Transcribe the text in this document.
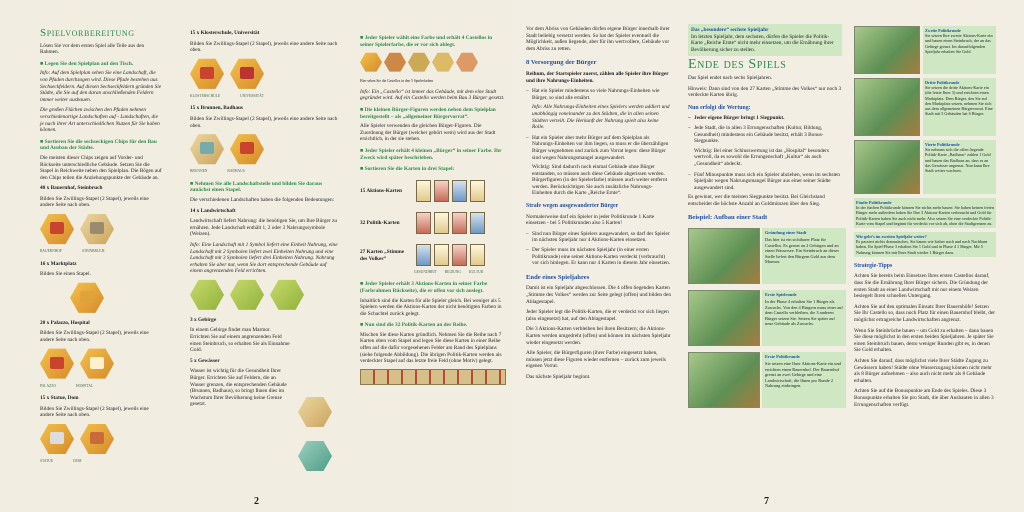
Spielvorbereitung

Lösen Sie vor dem ersten Spiel alle Teile aus den Rahmen.

■ Legen Sie den Spielplan auf den Tisch.

Info: Auf dem Spielplan sehen Sie eine Landschaft, die von Pfaden durchzogen wird. Diese Pfade bestehen aus Sechseckfeldern. Auf diesen Sechseckfeldern gründen Sie Städte, die Sie auf den daran anschließenden Feldern immer weiter ausbauen.

Die großen Flächen zwischen den Pfaden nehmen verschiedenartige Landschaften auf - Landschaften, die je nach ihrer Art unterschiedlichen Nutzen für Sie haben können.

■ Sortieren Sie die sechseckigen Chips für den Bau und Ausbau der Städte.

Die meisten dieser Chips zeigen auf Vorder- und Rückseite unterschiedliche Gebäude. Setzen Sie die Stapel in Reichweite neben den Spielplan. Die Bögen auf den Chips teilen die Anziehungspunkte der Gebäude an.

40 x Bauernhof, Steinbruch

Bilden Sie Zwillings-Stapel (2 Stapel), jeweils eine andere Seite nach oben.

BAUERNHOF	STEINBRUCH

16 x Marktplatz

Bilden Sie einen Stapel.

20 x Palazzo, Hospital

Bilden Sie Zwillings-Stapel (2 Stapel), jeweils eine andere Seite nach oben.

PALAZZO	HOSPITAL

15 x Statue, Dom

Bilden Sie Zwillings-Stapel (2 Stapel), jeweils eine andere Seite nach oben.

STATUE	DOM

15 x Klosterschule, Universität

Bilden Sie Zwillings-Stapel (2 Stapel), jeweils eine andere Seite nach oben.

KLOSTERSCHULE	UNIVERSITÄT

15 x Brunnen, Badhaus

Bilden Sie Zwillings-Stapel (2 Stapel), jeweils eine andere Seite nach oben.

BRUNNEN	BADHAUS
■ Nehmen Sie alle Landschaftsteile und bilden Sie daraus zunächst einen Stapel.

Die verschiedenen Landschaften haben die folgenden Bedeutungen:

14 x Landwirtschaft

Landwirtschaft liefert Nahrung: die benötigen Sie, um Ihre Bürger zu ernähren. Jede Landschaft enthält 1, 2 oder 3 Nahrungssymbole (Weizen).

Info: Eine Landschaft mit 1 Symbol liefert eine Einheit Nahrung, eine Landschaft mit 2 Symbolen liefert zwei Einheiten Nahrung und eine Landschaft mit 3 Symbolen liefert drei Einheiten Nahrung. Nahrung erhalten Sie aber nur, wenn Sie dort entsprechende Gebäude auf einem angrenzenden Feld errichten.

3 x Gebirge

In einem Gebirge findet man Marmor. Errichten Sie auf einem angrenzenden Feld einen Steinbruch, so erhalten Sie als Einnahme Gold.

5 x Gewässer

Wasser ist wichtig für die Gesundheit Ihrer Bürger. Errichten Sie auf Feldern, die an Wasser grenzen, die entsprechenden Gebäude (Brunnen, Badhaus), so bringt Ihnen dies im Wachstum Ihrer Bevölkerung keine Grenze gesetzt.

2
■ Jeder Spieler wählt eine Farbe und erhält 4 Castellos in seiner Spielerfarbe, die er vor sich ablegt.

Hier sehen Sie die Castellos in den 5 Spielerfarben

Info: Ein „Castello“ ist immer das Gebäude, mit dem eine Stadt gegründet wird. Auf ein Castello werden beim Bau 3 Bürger gesetzt.

■ Die kleinen Bürger-Figuren werden neben dem Spielplan bereitgestellt – als „allgemeiner Bürgervorrat“.

Alle Spieler verwenden die gleichen Bürger-Figuren. Die Zuordnung der Bürger (welcher gehört wem) wird aus der Stadt ersichtlich, in der sie stehen.

■ Jeder Spieler erhält 4 kleinen „Bürger“ in seiner Farbe. Ihr Zweck wird später beschrieben.
■ Sortieren Sie die Karten in drei Stapel:
15 Aktions-Karten
32 Politik-Karten
27 Karten „Stimme des Volkes“
GESUNDHEIT BILDUNG KULTUR
■ Jeder Spieler erhält 3 Aktions-Karten in seiner Farbe (Farbrahmen Rückseite), die er offen vor sich auslegt.

Inhaltlich sind die Karten für alle Spieler gleich. Bei weniger als 5 Spielern werden die Aktions-Karten der nicht benötigten Farben in die Schachtel zurück gelegt.

■ Nun sind die 32 Politik-Karten an der Reihe.

Mischen Sie diese Karten gründlich. Nehmen Sie die Reihe nach 7 Karten oben vom Stapel und legen Sie diese Karten in einer Reihe offen auf die dafür vorgesehenen Felder am Rand des Spielplans (siehe folgende Abbildung). Die übrigen Politik-Karten werden als verdeckter Stapel auf das letzte freie Feld (ohne Motiv) gelegt.

Vor dem Abriss von Gebäuden dürfen eigene Bürger innerhalb ihrer Stadt beliebig versetzt werden. So hat der Spieler eventuell die Möglichkeit, außen liegende, aber für ihn wertvollere, Gebäude vor dem Abriss zu retten.

8 Versorgung der Bürger

Reihum, der Startspieler zuerst, zählen alle Spieler ihre Bürger und ihre Nahrungs-Einheiten.

– Hat ein Spieler mindestens so viele Nahrungs-Einheiten wie Bürger, so sind alle ernährt.

Info: Alle Nahrungs-Einheiten eines Spielers werden addiert und unabhängig voneinander zu den Städten, die in allen seinen Städten verteilt. Die Herkunft der Nahrung spielt also keine Rolle.

– Hat ein Spieler aber mehr Bürger auf dem Spielplan als Nahrungs-Einheiten vor ihm liegen, so muss er die überzähligen Bürger wegnehmen und zurück zum Vorrat legen: diese Bürger sind wegen Nahrungsmangel ausgewandert.

Wichtig: Sind dadurch noch einmal Gebäude ohne Bürger entstanden, so müssen auch diese Gebäude abgerissen werden. Bürgerfiguren (in der Spielerfarbe) müssen auch weiter entfernt werden. Berücksichtigen Sie auch zusätzliche Nahrungs-Einheiten durch die Karte „Reiche Ernte“.

Strafe wegen ausgewanderter Bürger

Normalerweise darf ein Spieler in jeder Politikrunde 1 Karte einsetzen - bei 5 Politikrunden also 5 Karten!

– Sind nun Bürger eines Spielers ausgewandert, so darf der Spieler im nächsten Spieljahr nur 4 Aktions-Karten einsetzen.
– Der Spieler muss im nächsten Spieljahr (in einer ersten Politikrunde) eine seiner Aktions-Karten verdeckt (verbraucht) vor sich hinlegen. Er kann nur 4 Karten in diesem Jahr einsetzen.
Ende eines Spieljahres

Damit ist ein Spieljahr abgeschlossen. Die 4 offen liegenden Karten „Stimme des Volkes“ werden zur Seite gelegt (offen) und bilden den Ablagestapel.

Jeder Spieler legt die Politik-Karten, die er verdeckt vor sich liegen (also eingesetzt) hat, auf den Ablagestapel.

Die 3 Aktions-Karten verbleiben bei ihren Besitzern; die Aktions-Karten werden umgedreht (offen) und können im nächsten Spieljahr wieder eingesetzt werden.

Alle Spieler, die Bürgerfiguren (ihrer Farbe) eingesetzt haben, müssen jetzt diese Figuren wieder entfernen – zurück zum jeweils eigenen Vorrat.

Das nächste Spieljahr beginnt.

Das „besondere“ sechste Spieljahr
Im letzten Spieljahr, dem sechsten, dürfen die Spieler die Politik-Karte „Reiche Ernte“ nicht mehr einsetzen, um die Ernährung ihrer Bevölkerung sicher zu stellen.
Ende des Spiels

Das Spiel endet nach sechs Spieljahren.

Hinweis: Dann sind von den 27 Karten „Stimme des Volkes“ nur noch 3 verdeckte Karten übrig.

Nun erfolgt die Wertung:
– Jeder eigene Bürger bringt 1 Siegpunkt.
– Jede Stadt, die in allen 3 Errungenschaften (Kultur, Bildung, Gesundheit) mindestens ein Gebäude besitzt, erhält 3 Bonus-Siegpunkte.

Wichtig: Bei einer Schlusswertung ist das „Hospital“ besonders wertvoll, da es sowohl die Errungenschaft „Kultur“ als auch „Gesundheit“ abdeckt.

– Fünf Minuspunkte muss sich ein Spieler abziehen, wenn im sechsten Spieljahr wegen Nahrungsmangel Bürger aus einer seiner Städte ausgewandert sind.

Es gewinnt, wer die meisten Siegpunkte besitzt. Bei Gleichstand entscheidet die höchste Anzahl an Goldmünzen über den Sieg.

Beispiel: Aufbau einer Stadt
Gründung einer Stadt
Das hier ist ein sichtbarer Platz für Castellos. Es grenzt an 2 Gebirgen und an einen Wassersee. Ein Steinbruch an dieser Stelle liefert den Bürgern Gold aus dem Marmor.
Erste Spielrunde
In der Phase 4 erhalten Sie 1 Bürger als Zuwachs. Von den 4 Bürgern muss einer auf dem Castello verbleiben, die 3 anderen Bürger setzen Sie. Setzen Sie später auf neue Gebäude als Zuwachs.
Erste Politikrunde
Sie setzen eine Ihrer Aktions-Karte ein und errichten einen Bauernhof. Der Bauernhof grenzt an zwei Gebirge und eine Landwirtschaft, die Ihnen pro Runde 2 Nahrung einbringen.
7
Zweite Politikrunde
Sie setzen Ihre zweite Aktions-Karte ein und bauen einen Steinbruch, der an das Gebirge grenzt. Im darauffolgenden Spieljahr erhalten Sie Gold.
Dritte Politikrunde
Sie setzen die dritte Aktions-Karte ein (die letzte Ihrer 3) und errichten einen Marktplatz. Dem Bürger, den Sie auf den Marktplatz setzen, nehmen Sie sich aus dem allgemeinen Bürgervorrat. Eine Stadt mit 5 Gebäuden hat 6 Bürger.
Vierte Politikrunde
Sie nehmen sich die offen liegende Politik-Karte „Badhaus“ zahlen 1 Gold und bauen das Badhaus an, dass es an das Gewässer angrenzt. Nun kann Ihre Stadt weiter wachsen.
Fünfte Politikrunde
In der fünften Politikrunde können Sie nichts mehr bauen: Sie haben keinen freien Bürger mehr außerdem haben Sie Ihre 3 Aktions-Karten verbraucht und Gold für Politik-Karten haben Sie auch nicht mehr. Also setzen Sie eine verdeckte Politik-Karte vom Stapel und beginnt für verdeckt vor sich ab, ohne die Stadtgrenzen zu.
Wie geht’s im zweiten Spieljahr weiter?
Es passiert nichts dramatisches, Sie bauen wie bisher nach und nach Nachbarn haben, Ihr Spiel-Phase 3 erhalten Sie 1 Gold und in Phase 4 1 Bürger. Mit 5 Nahrung können Sie mit Ihrer Stadt wieder 1 Bürger dazu.
Strategie-Tipps

Achten Sie bereits beim Einsetzen Ihres ersten Castellos darauf, dass Sie die Ernährung Ihrer Bürger sichern. Die Gründung der ersten Stadt an einer Landwirtschaft mit nur einem Weizen besiegelt Ihren schnellen Untergang.

Achten Sie auf den optimalen Einsatz Ihrer Bauernhöfe! Setzen Sie Ihr Castello so, dass noch Platz für einen Bauernhof bleibt, der möglichst ertragreiche Landwirtschaften angrenzt.

Wenn Sie Steinbrüche bauen – um Gold zu erhalten – dann bauen Sie diese möglichst in den ersten beiden Spieljahren. Je später Sie einen Steinbruch bauen, desto weniger Runden gibt es, in denen Sie Gold erhalten.

Achten Sie darauf, dass möglichst viele Ihrer Städte Zugang zu Gewässern haben! Städte ohne Wasserzugang können nicht mehr als 8 Bürger aufnehmen – also auch nicht mehr als 8 Gebäude erhalten.

Achten Sie auf die Bonuspunkte am Ende des Spieles. Diese 3 Bonuspunkte erhalten Sie pro Stadt, die über Ausbauten in allen 3 Errungenschaften verfügt.
